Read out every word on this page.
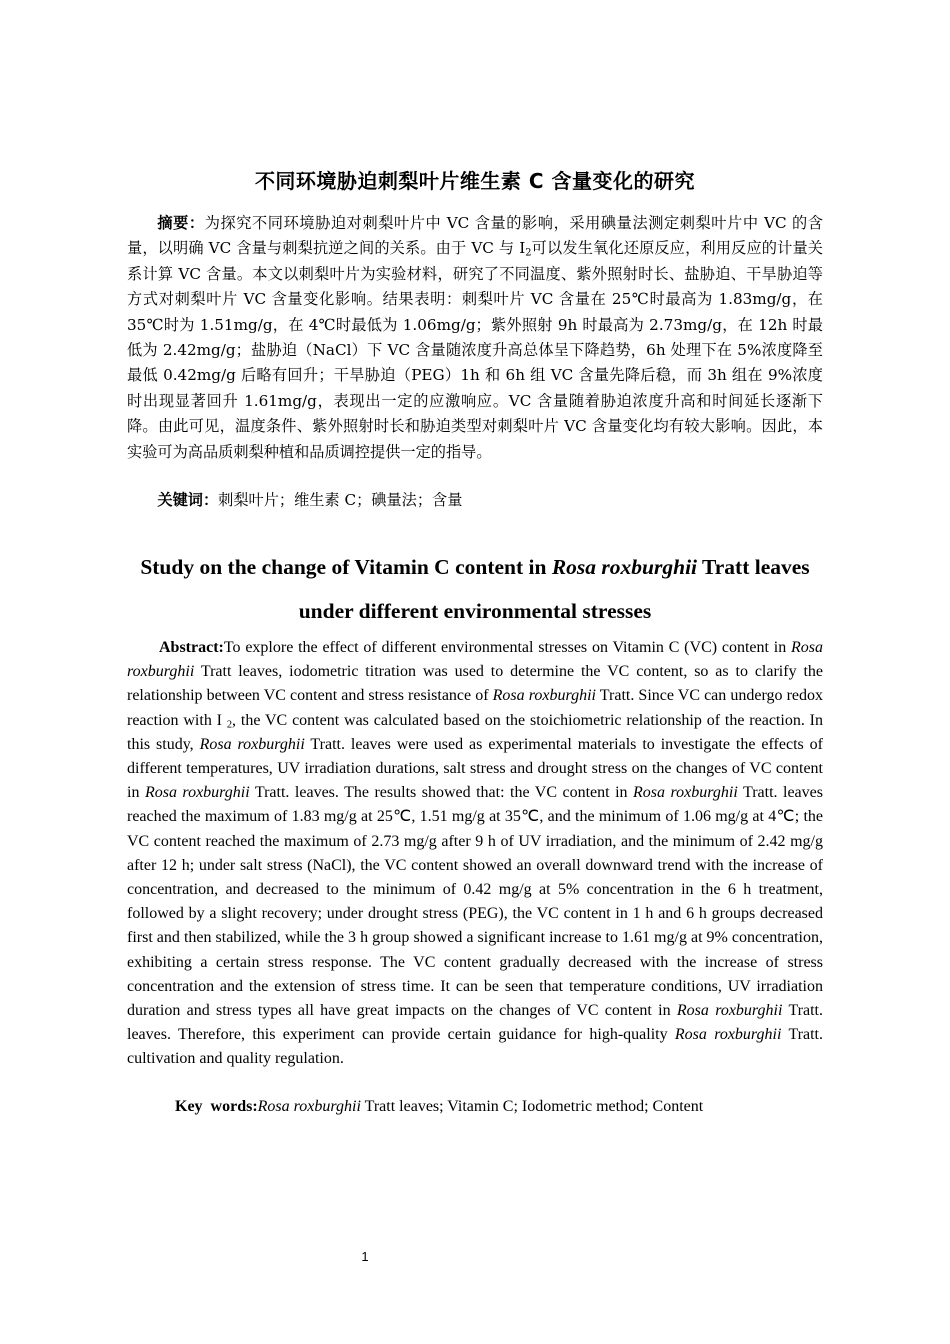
不同环境胁迫刺梨叶片维生素 C 含量变化的研究

摘要：为探究不同环境胁迫对刺梨叶片中 VC 含量的影响，采用碘量法测定刺梨叶片中 VC 的含量，以明确 VC 含量与刺梨抗逆之间的关系。由于 VC 与 $I_2$可以发生氧化还原反应，利用反应的计量关系计算 VC 含量。本文以刺梨叶片为实验材料，研究了不同温度、紫外照射时长、盐胁迫、干旱胁迫等方式对刺梨叶片 VC 含量变化影响。结果表明：刺梨叶片 VC 含量在 25℃时最高为 1.83mg/g，在 35℃时为 1.51mg/g，在 4℃时最低为 1.06mg/g；紫外照射 9h 时最高为 2.73mg/g，在 12h 时最低为 2.42mg/g；盐胁迫（NaCl）下 VC 含量随浓度升高总体呈下降趋势，6h 处理下在 5%浓度降至最低 0.42mg/g 后略有回升；干旱胁迫（PEG）1h 和 6h 组 VC 含量先降后稳，而 3h 组在 9%浓度时出现显著回升 1.61mg/g，表现出一定的应激响应。VC 含量随着胁迫浓度升高和时间延长逐渐下降。由此可见，温度条件、紫外照射时长和胁迫类型对刺梨叶片 VC 含量变化均有较大影响。因此，本实验可为高品质刺梨种植和品质调控提供一定的指导。

关键词：刺梨叶片；维生素 C；碘量法；含量

Study on the change of Vitamin C content in Rosa roxburghii Tratt leaves under different environmental stresses

Abstract:To explore the effect of different environmental stresses on Vitamin C (VC) content in Rosa roxburghii Tratt leaves, iodometric titration was used to determine the VC content, so as to clarify the relationship between VC content and stress resistance of Rosa roxburghii Tratt. Since VC can undergo redox reaction with I $_2$, the VC content was calculated based on the stoichiometric relationship of the reaction. In this study, Rosa roxburghii Tratt. leaves were used as experimental materials to investigate the effects of different temperatures, UV irradiation durations, salt stress and drought stress on the changes of VC content in Rosa roxburghii Tratt. leaves. The results showed that: the VC content in Rosa roxburghii Tratt. leaves reached the maximum of 1.83 mg/g at 25℃, 1.51 mg/g at 35℃, and the minimum of 1.06 mg/g at 4℃; the VC content reached the maximum of 2.73 mg/g after 9 h of UV irradiation, and the minimum of 2.42 mg/g after 12 h; under salt stress (NaCl), the VC content showed an overall downward trend with the increase of concentration, and decreased to the minimum of 0.42 mg/g at 5% concentration in the 6 h treatment, followed by a slight recovery; under drought stress (PEG), the VC content in 1 h and 6 h groups decreased first and then stabilized, while the 3 h group showed a significant increase to 1.61 mg/g at 9% concentration, exhibiting a certain stress response. The VC content gradually decreased with the increase of stress concentration and the extension of stress time. It can be seen that temperature conditions, UV irradiation duration and stress types all have great impacts on the changes of VC content in Rosa roxburghii Tratt. leaves. Therefore, this experiment can provide certain guidance for high-quality Rosa roxburghii Tratt. cultivation and quality regulation.

Key words:Rosa roxburghii Tratt leaves; Vitamin C; Iodometric method; Content

1
